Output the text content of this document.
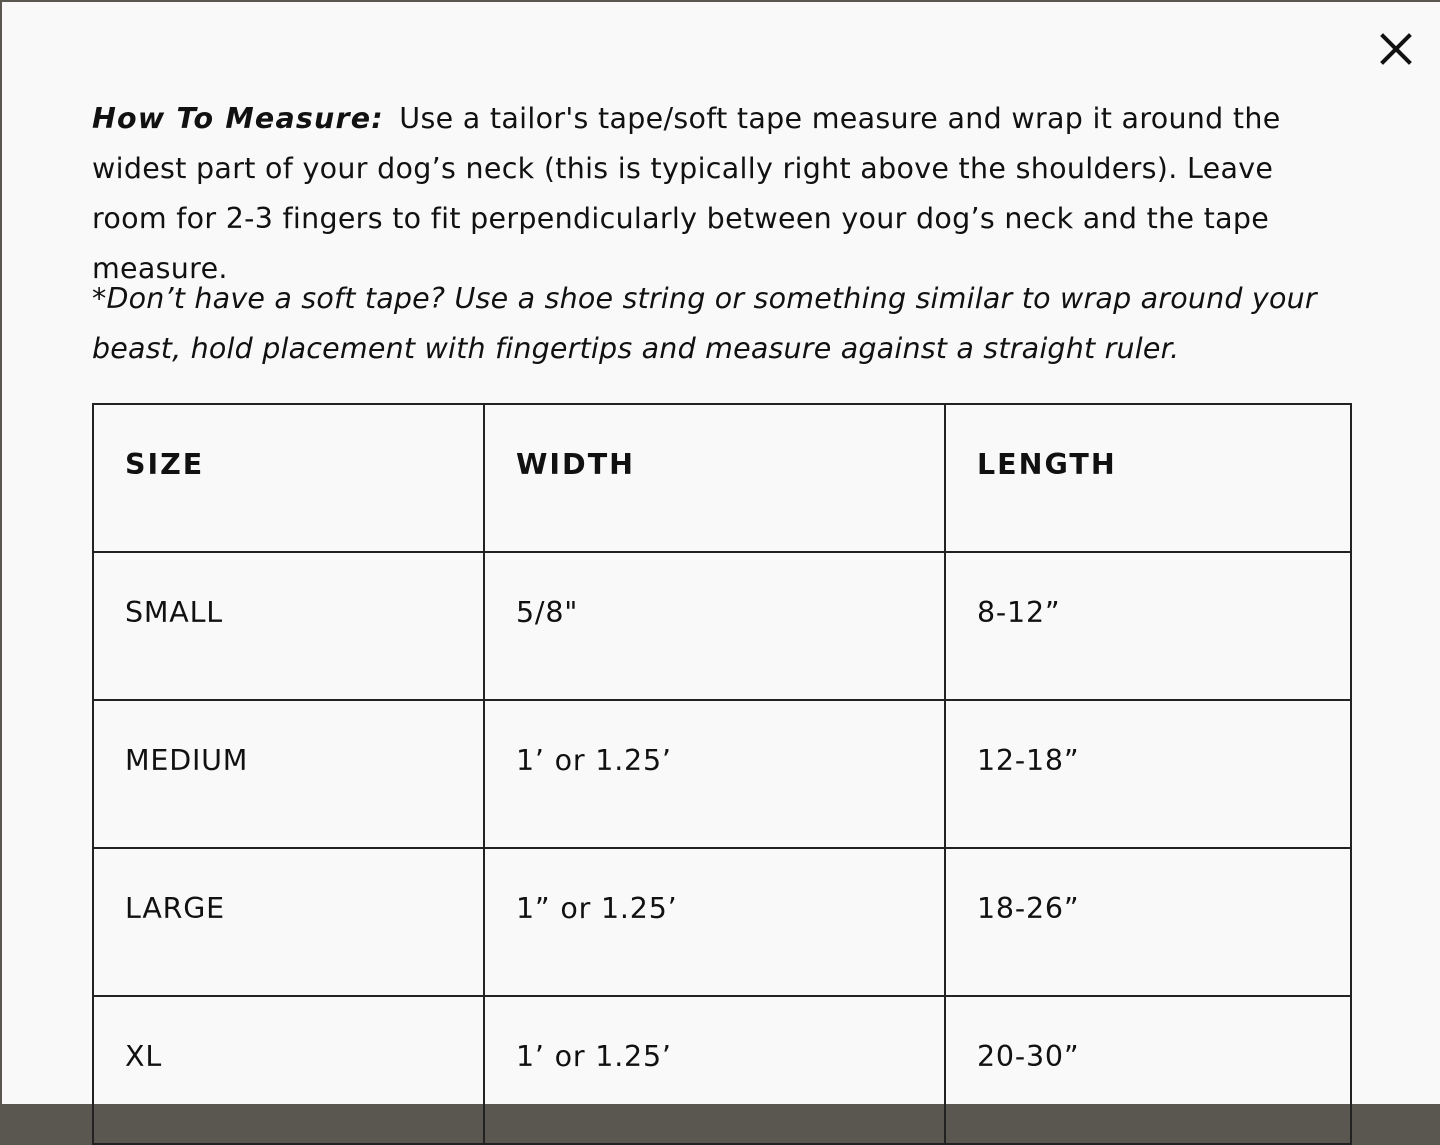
How To Measure: Use a tailor's tape/soft tape measure and wrap it around the widest part of your dog’s neck (this is typically right above the shoulders). Leave room for 2-3 fingers to fit perpendicularly between your dog’s neck and the tape measure.

*Don’t have a soft tape? Use a shoe string or something similar to wrap around your beast, hold placement with fingertips and measure against a straight ruler.

SIZE	WIDTH	LENGTH
SMALL	5/8"	8-12”
MEDIUM	1’ or 1.25’	12-18”
LARGE	1” or 1.25’	18-26”
XL	1’ or 1.25’	20-30”
